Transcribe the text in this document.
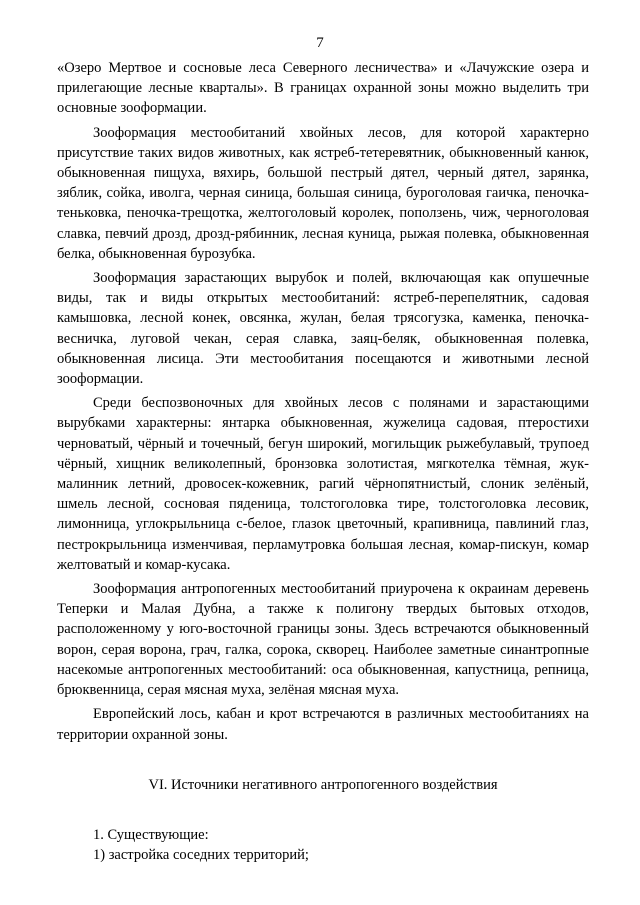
7

«Озеро Мертвое и сосновые леса Северного лесничества» и «Лачужские озера и прилегающие лесные кварталы». В границах охранной зоны можно выделить три основные зооформации.

Зооформация местообитаний хвойных лесов, для которой характерно присутствие таких видов животных, как ястреб-тетеревятник, обыкновенный канюк, обыкновенная пищуха, вяхирь, большой пестрый дятел, черный дятел, зарянка, зяблик, сойка, иволга, черная синица, большая синица, буроголовая гаичка, пеночка-теньковка, пеночка-трещотка, желтоголовый королек, поползень, чиж, черноголовая славка, певчий дрозд, дрозд-рябинник, лесная куница, рыжая полевка, обыкновенная белка, обыкновенная бурозубка.

Зооформация зарастающих вырубок и полей, включающая как опушечные виды, так и виды открытых местообитаний: ястреб-перепелятник, садовая камышовка, лесной конек, овсянка, жулан, белая трясогузка, каменка, пеночка-весничка, луговой чекан, серая славка, заяц-беляк, обыкновенная полевка, обыкновенная лисица. Эти местообитания посещаются и животными лесной зооформации.

Среди беспозвоночных для хвойных лесов с полянами и зарастающими вырубками характерны: янтарка обыкновенная, жужелица садовая, птеростихи черноватый, чёрный и точечный, бегун широкий, могильщик рыжебулавый, трупоед чёрный, хищник великолепный, бронзовка золотистая, мягкотелка тёмная, жук-малинник летний, дровосек-кожевник, рагий чёрнопятнистый, слоник зелёный, шмель лесной, сосновая пяденица, толстоголовка тире, толстоголовка лесовик, лимонница, углокрыльница с-белое, глазок цветочный, крапивница, павлиний глаз, пестрокрыльница изменчивая, перламутровка большая лесная, комар-пискун, комар желтоватый и комар-кусака.

Зооформация антропогенных местообитаний приурочена к окраинам деревень Теперки и Малая Дубна, а также к полигону твердых бытовых отходов, расположенному у юго-восточной границы зоны. Здесь встречаются обыкновенный ворон, серая ворона, грач, галка, сорока, скворец. Наиболее заметные синантропные насекомые антропогенных местообитаний: оса обыкновенная, капустница, репница, брюквенница, серая мясная муха, зелёная мясная муха.

Европейский лось, кабан и крот встречаются в различных местообитаниях на территории охранной зоны.

VI. Источники негативного антропогенного воздействия

1. Существующие:

1) застройка соседних территорий;
